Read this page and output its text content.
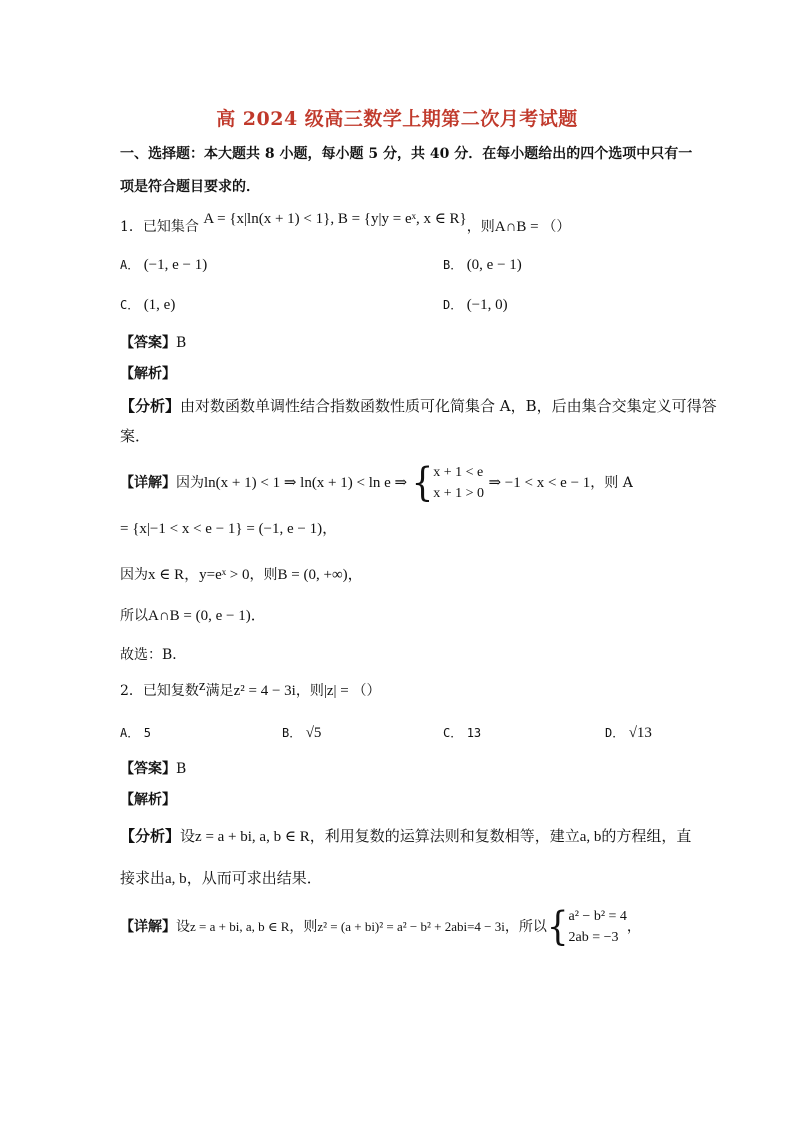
高 2024 级高三数学上期第二次月考试题
一、选择题：本大题共 8 小题，每小题 5 分，共 40 分．在每小题给出的四个选项中只有一
项是符合题目要求的．
1．已知集合 A = {x|ln(x + 1) < 1}, B = {y|y = eˣ, x ∈ R}，则A∩B = （）
A． (−1, e − 1)	B． (0, e − 1)
C． (1, e)	D． (−1, 0)
【答案】B
【解析】
【分析】由对数函数单调性结合指数函数性质可化简集合 A，B，后由集合交集定义可得答
案．
【详解】因为ln(x + 1) < 1 ⇒ ln(x + 1) < ln e ⇒ {x + 1 < e
x + 1 > 0 ⇒ −1 < x < e − 1，则 A
= {x|−1 < x < e − 1} = (−1, e − 1)，
因为x ∈ R，y=eˣ > 0，则B = (0, +∞)，
所以A∩B = (0, e − 1)．
故选：B．
2．已知复数z满足z² = 4 − 3i，则|z| = （）
A． 5	B． √5	C． 13	D． √13
【答案】B
【解析】
【分析】设z = a + bi, a, b ∈ R，利用复数的运算法则和复数相等，建立a, b的方程组，直
接求出a, b，从而可求出结果．
【详解】设z = a + bi, a, b ∈ R，则z² = (a + bi)² = a² − b² + 2abi=4 − 3i，所以{a² − b² = 4
2ab = −3，
